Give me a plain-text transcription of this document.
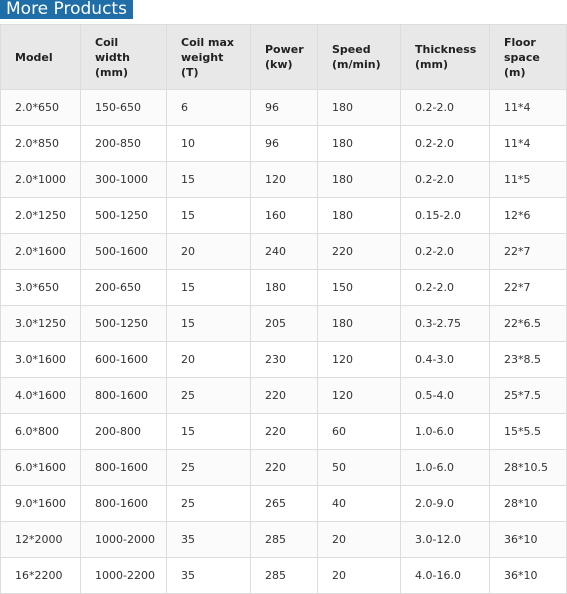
More Products
Model	Coil
width
(mm)	Coil max
weight
(T)	Power
(kw)	Speed
(m/min)	Thickness
(mm)	Floor
space
(m)
2.0*650	150-650	6	96	180	0.2-2.0	11*4
2.0*850	200-850	10	96	180	0.2-2.0	11*4
2.0*1000	300-1000	15	120	180	0.2-2.0	11*5
2.0*1250	500-1250	15	160	180	0.15-2.0	12*6
2.0*1600	500-1600	20	240	220	0.2-2.0	22*7
3.0*650	200-650	15	180	150	0.2-2.0	22*7
3.0*1250	500-1250	15	205	180	0.3-2.75	22*6.5
3.0*1600	600-1600	20	230	120	0.4-3.0	23*8.5
4.0*1600	800-1600	25	220	120	0.5-4.0	25*7.5
6.0*800	200-800	15	220	60	1.0-6.0	15*5.5
6.0*1600	800-1600	25	220	50	1.0-6.0	28*10.5
9.0*1600	800-1600	25	265	40	2.0-9.0	28*10
12*2000	1000-2000	35	285	20	3.0-12.0	36*10
16*2200	1000-2200	35	285	20	4.0-16.0	36*10
